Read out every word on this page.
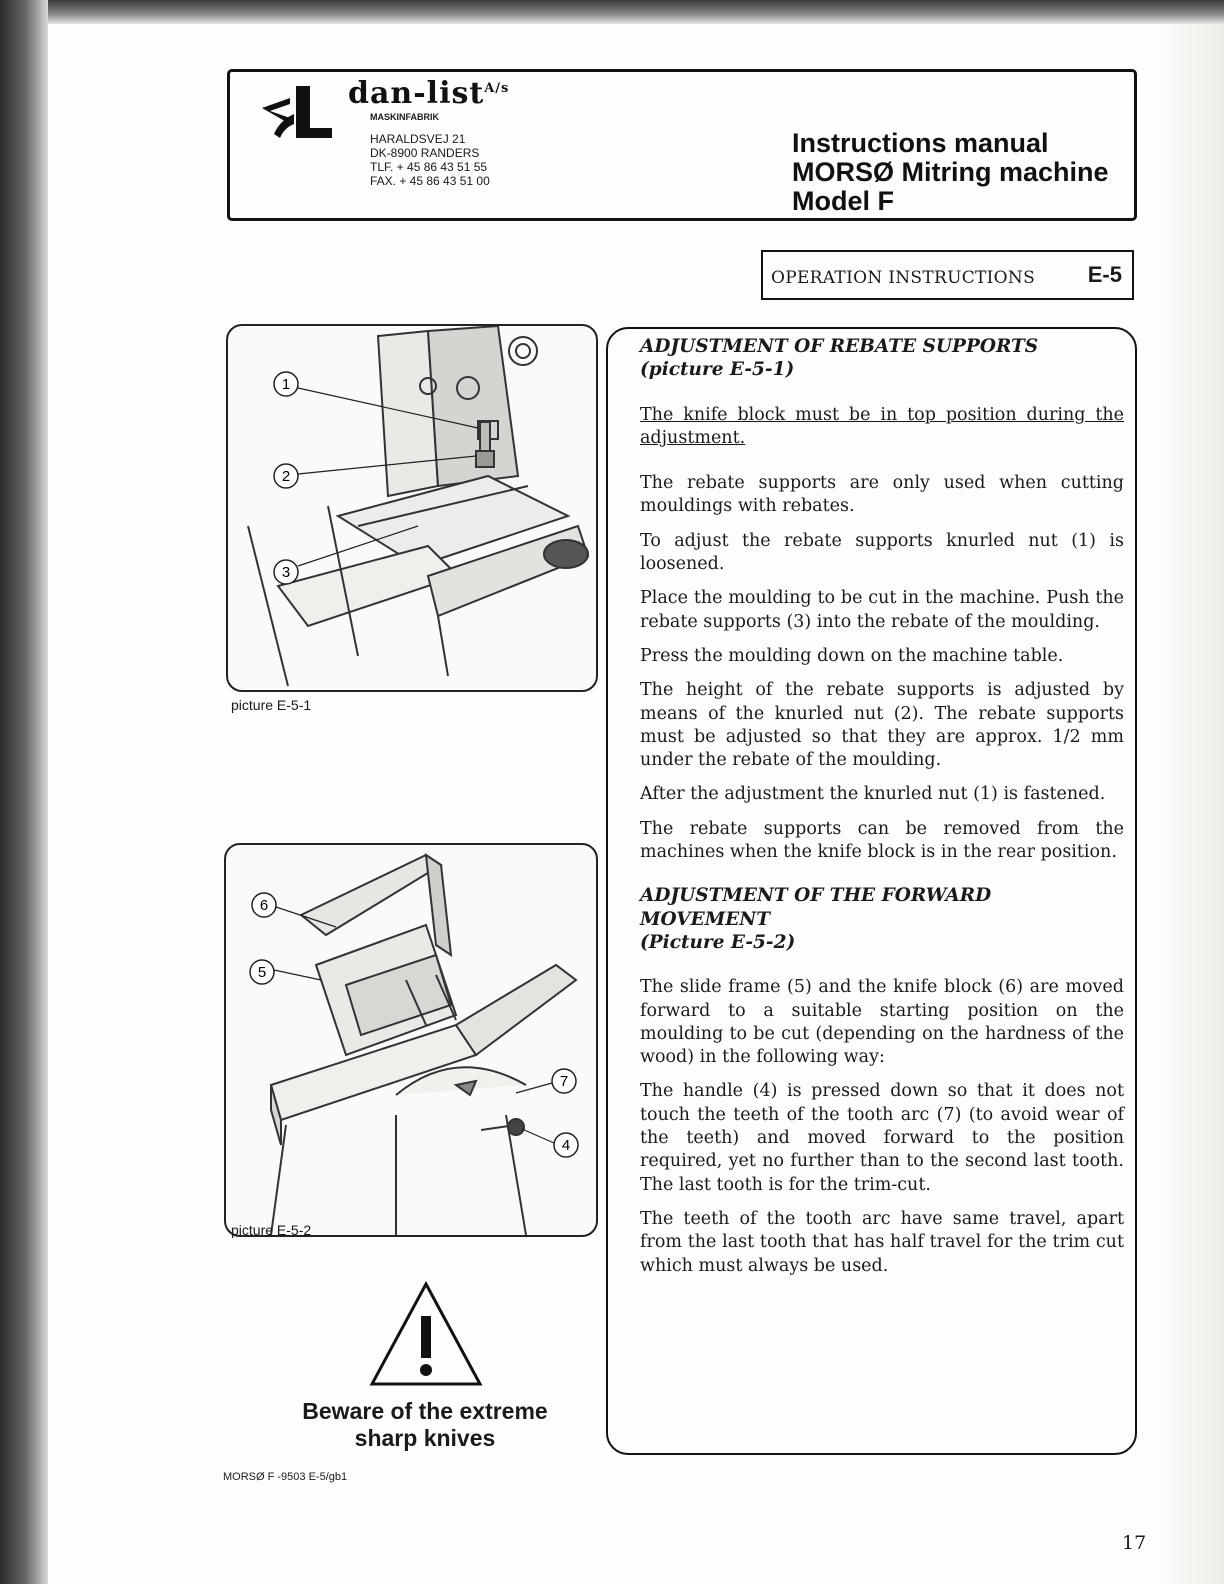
dan-list$^{A/s}$
MASKINFABRIK
HARALDSVEJ 21
DK-8900 RANDERS
TLF. + 45 86 43 51 55
FAX. + 45 86 43 51 00
Instructions manual
MORSØ Mitring machine
Model F
OPERATION INSTRUCTIONS E-5
1
2
3
picture E-5-1
6
5
7
4
picture E-5-2
Beware of the extreme
sharp knives
ADJUSTMENT OF REBATE SUPPORTS
(picture E-5-1)

The knife block must be in top position during the adjustment.

The rebate supports are only used when cutting mouldings with rebates.

To adjust the rebate supports knurled nut (1) is loosened.

Place the moulding to be cut in the machine. Push the rebate supports (3) into the rebate of the moulding.

Press the moulding down on the machine table.

The height of the rebate supports is adjusted by means of the knurled nut (2). The rebate supports must be adjusted so that they are approx. 1/2 mm under the rebate of the moulding.

After the adjustment the knurled nut (1) is fastened.

The rebate supports can be removed from the machines when the knife block is in the rear position.

ADJUSTMENT OF THE FORWARD MOVEMENT
(Picture E-5-2)

The slide frame (5) and the knife block (6) are moved forward to a suitable starting position on the moulding to be cut (depending on the hardness of the wood) in the following way:

The handle (4) is pressed down so that it does not touch the teeth of the tooth arc (7) (to avoid wear of the teeth) and moved forward to the position required, yet no further than to the second last tooth. The last tooth is for the trim-cut.

The teeth of the tooth arc have same travel, apart from the last tooth that has half travel for the trim cut which must always be used.

MORSØ F -9503 E-5/gb1
17
